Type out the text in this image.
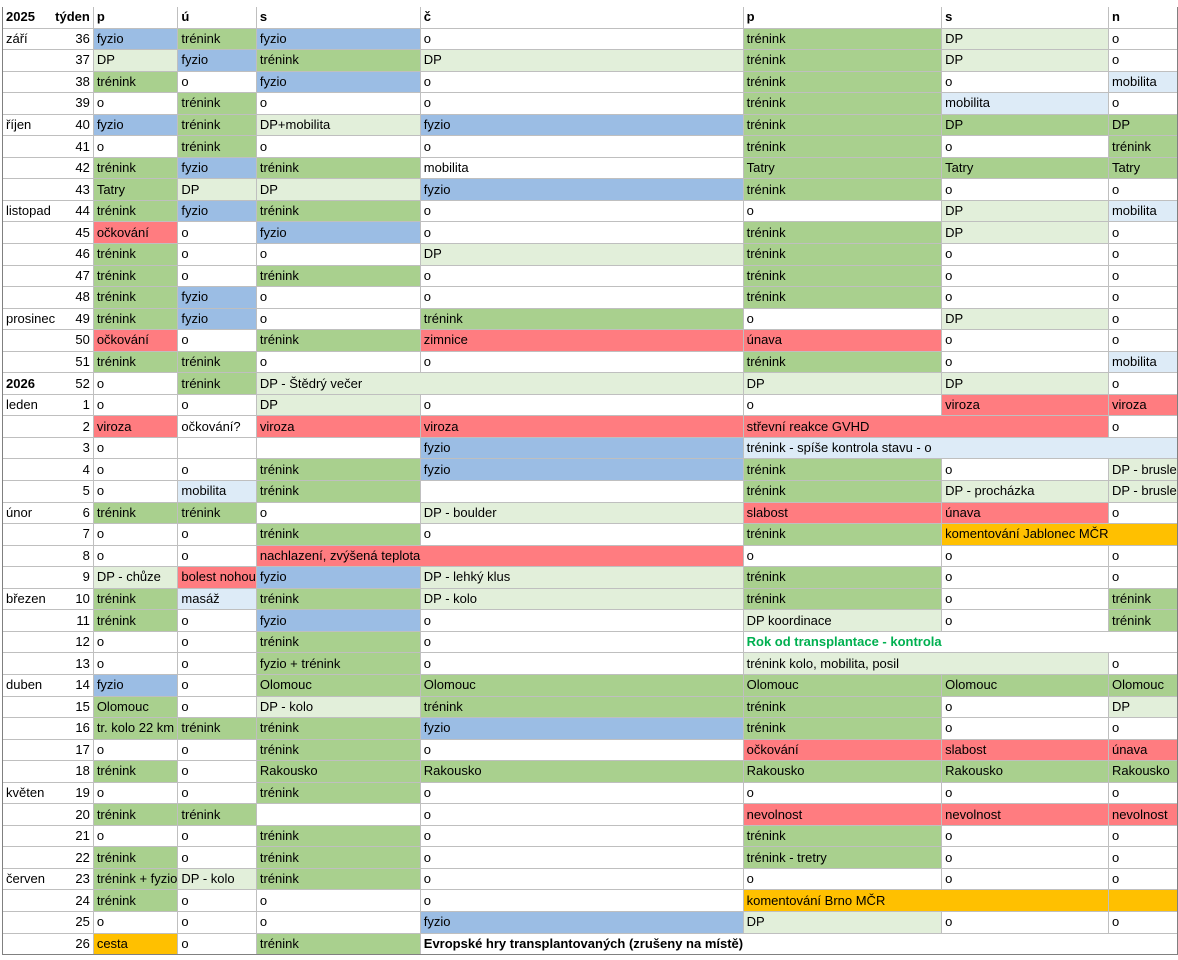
2025	týden	p	ú	s	č	p	s	n
září	36	fyzio	trénink	fyzio	o	trénink	DP	o
	37	DP	fyzio	trénink	DP	trénink	DP	o
	38	trénink	o	fyzio	o	trénink	o	mobilita
	39	o	trénink	o	o	trénink	mobilita	o
říjen	40	fyzio	trénink	DP+mobilita	fyzio	trénink	DP	DP
	41	o	trénink	o	o	trénink	o	trénink
	42	trénink	fyzio	trénink	mobilita	Tatry	Tatry	Tatry
	43	Tatry	DP	DP	fyzio	trénink	o	o
listopad	44	trénink	fyzio	trénink	o	o	DP	mobilita
	45	očkování	o	fyzio	o	trénink	DP	o
	46	trénink	o	o	DP	trénink	o	o
	47	trénink	o	trénink	o	trénink	o	o
	48	trénink	fyzio	o	o	trénink	o	o
prosinec	49	trénink	fyzio	o	trénink	o	DP	o
	50	očkování	o	trénink	zimnice	únava	o	o
	51	trénink	trénink	o	o	trénink	o	mobilita
2026	52	o	trénink	DP - Štědrý večer		DP	DP	o
leden	1	o	o	DP	o	o	viroza	viroza
	2	viroza	očkování?	viroza	viroza	střevní reakce GVHD		o
	3	o			fyzio	trénink - spíše kontrola stavu - o		
	4	o	o	trénink	fyzio	trénink	o	DP - brusle
	5	o	mobilita	trénink		trénink	DP - procházka	DP - brusle
únor	6	trénink	trénink	o	DP - boulder	slabost	únava	o
	7	o	o	trénink	o	trénink	komentování Jablonec MČR	
	8	o	o	nachlazení, zvýšená teplota		o	o	o
	9	DP - chůze	bolest nohou	fyzio	DP - lehký klus	trénink	o	o
březen	10	trénink	masáž	trénink	DP - kolo	trénink	o	trénink
	11	trénink	o	fyzio	o	DP koordinace	o	trénink
	12	o	o	trénink	o	Rok od transplantace - kontrola		
	13	o	o	fyzio + trénink	o	trénink kolo, mobilita, posil		o
duben	14	fyzio	o	Olomouc	Olomouc	Olomouc	Olomouc	Olomouc
	15	Olomouc	o	DP - kolo	trénink	trénink	o	DP
	16	tr. kolo 22 km	trénink	trénink	fyzio	trénink	o	o
	17	o	o	trénink	o	očkování	slabost	únava
	18	trénink	o	Rakousko	Rakousko	Rakousko	Rakousko	Rakousko
květen	19	o	o	trénink	o	o	o	o
	20	trénink	trénink		o	nevolnost	nevolnost	nevolnost
	21	o	o	trénink	o	trénink	o	o
	22	trénink	o	trénink	o	trénink - tretry	o	o
červen	23	trénink + fyzio	DP - kolo	trénink	o	o	o	o
	24	trénink	o	o	o	komentování Brno MČR		
	25	o	o	o	fyzio	DP	o	o
	26	cesta	o	trénink	Evropské hry transplantovaných (zrušeny na místě)			
